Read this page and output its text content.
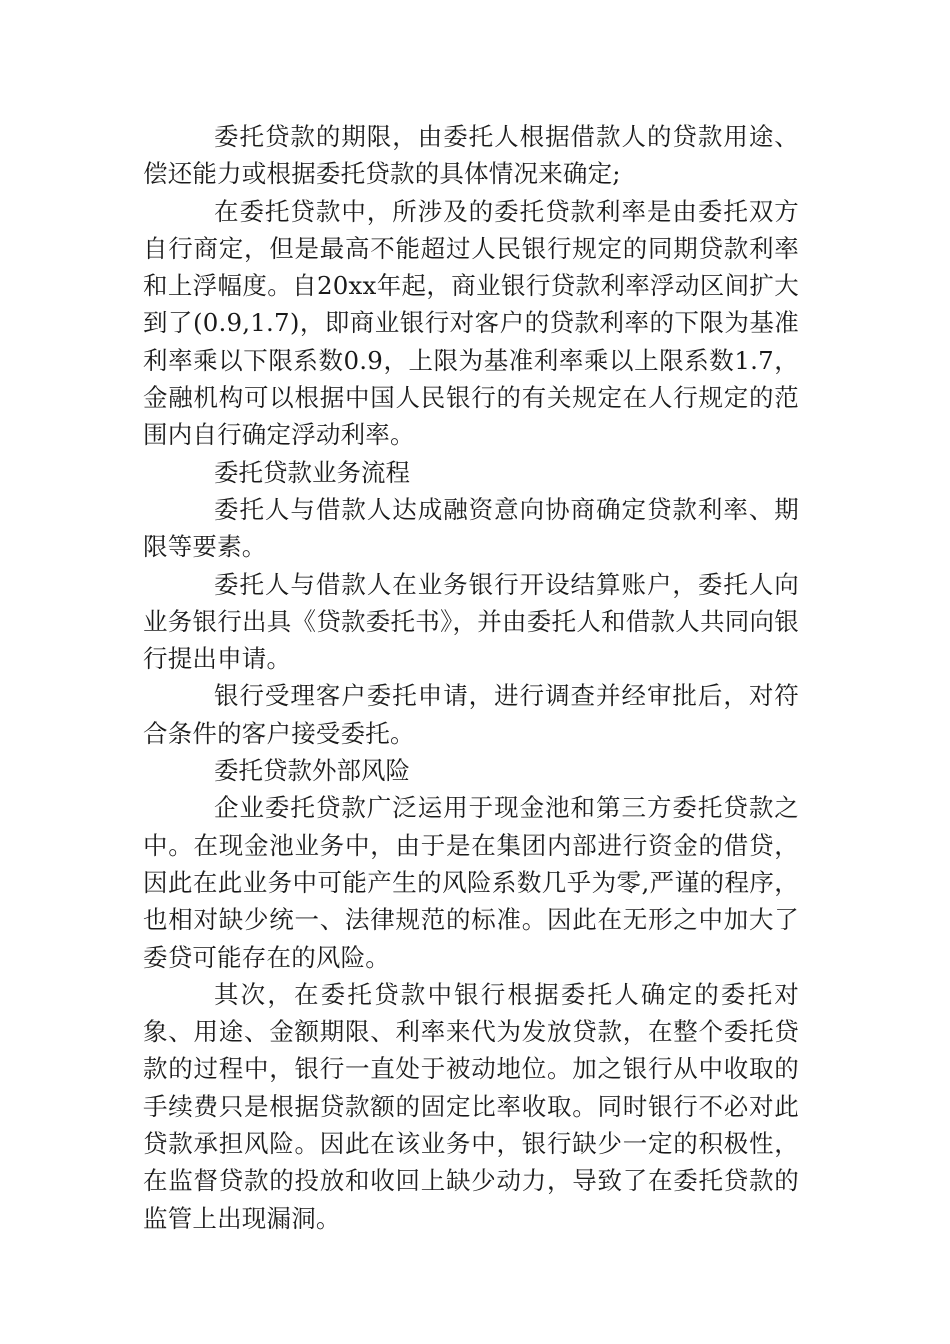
委托贷款的期限，由委托人根据借款人的贷款用途、偿还能力或根据委托贷款的具体情况来确定;

在委托贷款中，所涉及的委托贷款利率是由委托双方自行商定，但是最高不能超过人民银行规定的同期贷款利率和上浮幅度。自20xx年起，商业银行贷款利率浮动区间扩大到了(0.9,1.7)，即商业银行对客户的贷款利率的下限为基准利率乘以下限系数0.9，上限为基准利率乘以上限系数1.7，金融机构可以根据中国人民银行的有关规定在人行规定的范围内自行确定浮动利率。

委托贷款业务流程

委托人与借款人达成融资意向协商确定贷款利率、期限等要素。

委托人与借款人在业务银行开设结算账户，委托人向业务银行出具《贷款委托书》，并由委托人和借款人共同向银行提出申请。

银行受理客户委托申请，进行调查并经审批后，对符合条件的客户接受委托。

委托贷款外部风险

企业委托贷款广泛运用于现金池和第三方委托贷款之中。在现金池业务中，由于是在集团内部进行资金的借贷，因此在此业务中可能产生的风险系数几乎为零,严谨的程序，也相对缺少统一、法律规范的标准。因此在无形之中加大了委贷可能存在的风险。

其次，在委托贷款中银行根据委托人确定的委托对象、用途、金额期限、利率来代为发放贷款，在整个委托贷款的过程中，银行一直处于被动地位。加之银行从中收取的手续费只是根据贷款额的固定比率收取。同时银行不必对此贷款承担风险。因此在该业务中，银行缺少一定的积极性，在监督贷款的投放和收回上缺少动力，导致了在委托贷款的监管上出现漏洞。
